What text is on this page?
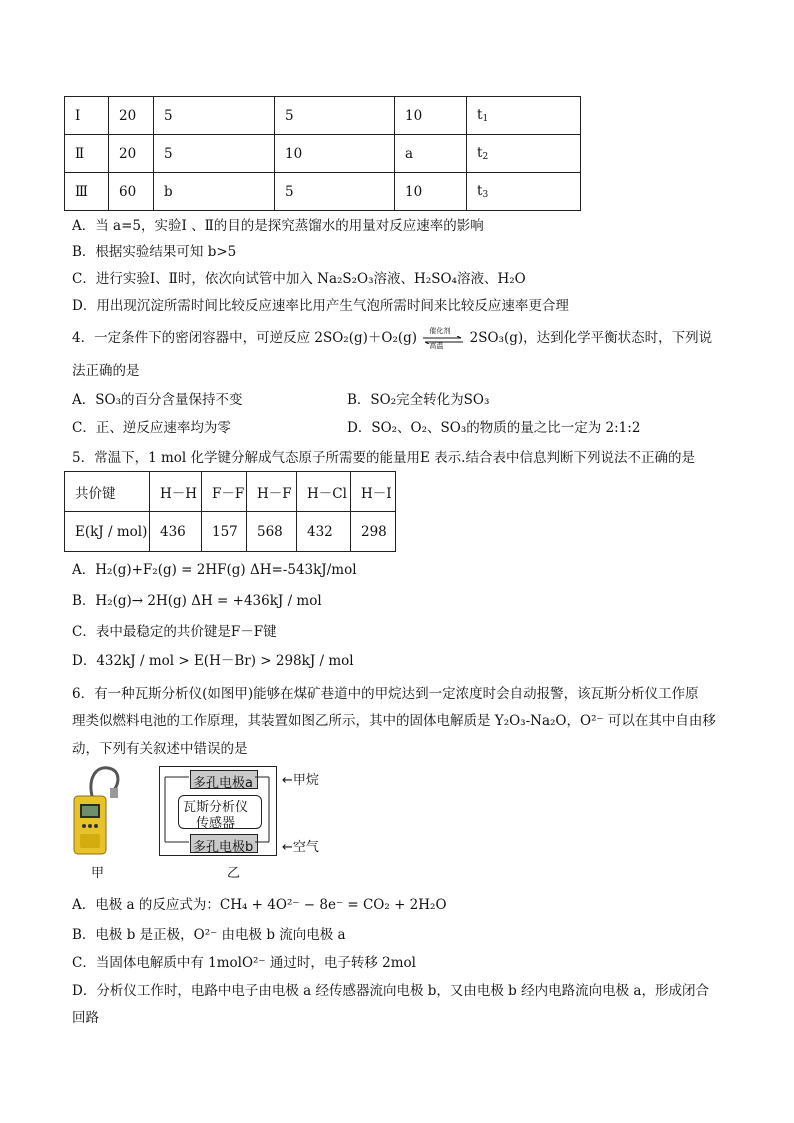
Ⅰ	20	5	5	10	$t_1$
Ⅱ	20	5	10	a	$t_2$
Ⅲ	60	b	5	10	$t_3$
A．当 a=5，实验Ⅰ 、Ⅱ的目的是探究蒸馏水的用量对反应速率的影响
B．根据实验结果可知 b>5
C．进行实验Ⅰ、Ⅱ时，依次向试管中加入 Na₂S₂O₃溶液、H₂SO₄溶液、H₂O
D．用出现沉淀所需时间比较反应速率比用产生气泡所需时间来比较反应速率更合理
4．一定条件下的密闭容器中，可逆反应 2SO₂(g)＋O₂(g) 催化剂
高温 2SO₃(g)，达到化学平衡状态时，下列说
法正确的是
A．SO₃的百分含量保持不变	B．SO₂完全转化为SO₃
C．正、逆反应速率均为零	D．SO₂、O₂、SO₃的物质的量之比一定为 2:1:2
5．常温下，1 mol 化学键分解成气态原子所需要的能量用E 表示.结合表中信息判断下列说法不正确的是
共价键	H－H	F－F	H－F	H－Cl	H－I
E(kJ / mol)	436	157	568	432	298
A．H₂(g)+F₂(g) = 2HF(g) ΔH=-543kJ/mol
B．H₂(g)→ 2H(g) ΔH = +436kJ / mol
C．表中最稳定的共价键是F－F键
D．432kJ / mol > E(H－Br) > 298kJ / mol
6．有一种瓦斯分析仪(如图甲)能够在煤矿巷道中的甲烷达到一定浓度时会自动报警，该瓦斯分析仪工作原
理类似燃料电池的工作原理，其装置如图乙所示，其中的固体电解质是 Y₂O₃-Na₂O，O²⁻ 可以在其中自由移
动，下列有关叙述中错误的是
甲
多孔电极a
瓦斯分析仪
传感器
多孔电极b
←甲烷
←空气
乙
A．电极 a 的反应式为：CH₄ + 4O²⁻ − 8e⁻ = CO₂ + 2H₂O
B．电极 b 是正极，O²⁻ 由电极 b 流向电极 a
C．当固体电解质中有 1molO²⁻ 通过时，电子转移 2mol
D．分析仪工作时，电路中电子由电极 a 经传感器流向电极 b，又由电极 b 经内电路流向电极 a，形成闭合
回路
